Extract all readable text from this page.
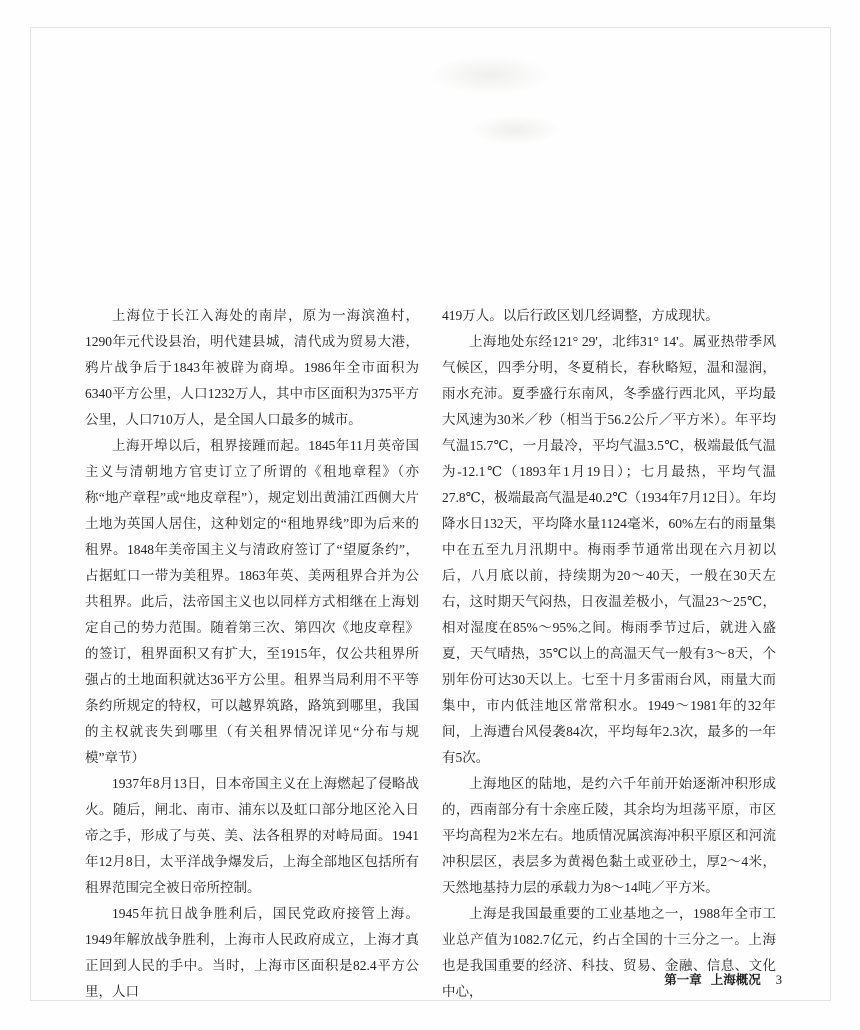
上海位于长江入海处的南岸，原为一海滨渔村，1290年元代设县治，明代建县城，清代成为贸易大港，鸦片战争后于1843年被辟为商埠。1986年全市面积为6340平方公里，人口1232万人，其中市区面积为375平方公里，人口710万人，是全国人口最多的城市。

上海开埠以后，租界接踵而起。1845年11月英帝国主义与清朝地方官吏订立了所谓的《租地章程》（亦称“地产章程”或“地皮章程”），规定划出黄浦江西侧大片土地为英国人居住，这种划定的“租地界线”即为后来的租界。1848年美帝国主义与清政府签订了“望厦条约”，占据虹口一带为美租界。1863年英、美两租界合并为公共租界。此后，法帝国主义也以同样方式相继在上海划定自己的势力范围。随着第三次、第四次《地皮章程》的签订，租界面积又有扩大，至1915年，仅公共租界所强占的土地面积就达36平方公里。租界当局利用不平等条约所规定的特权，可以越界筑路，路筑到哪里，我国的主权就丧失到哪里（有关租界情况详见“分布与规模”章节）

1937年8月13日，日本帝国主义在上海燃起了侵略战火。随后，闸北、南市、浦东以及虹口部分地区沦入日帝之手，形成了与英、美、法各租界的对峙局面。1941年12月8日，太平洋战争爆发后，上海全部地区包括所有租界范围完全被日帝所控制。

1945年抗日战争胜利后，国民党政府接管上海。1949年解放战争胜利，上海市人民政府成立，上海才真正回到人民的手中。当时，上海市区面积是82.4平方公里，人口

419万人。以后行政区划几经调整，方成现状。

上海地处东经121° 29'，北纬31° 14'。属亚热带季风气候区，四季分明，冬夏稍长，春秋略短，温和湿润，雨水充沛。夏季盛行东南风，冬季盛行西北风，平均最大风速为30米／秒（相当于56.2公斤／平方米）。年平均气温15.7℃，一月最冷，平均气温3.5℃，极端最低气温为-12.1℃（1893年1月19日）；七月最热，平均气温27.8℃，极端最高气温是40.2℃（1934年7月12日）。年均降水日132天，平均降水量1124毫米，60%左右的雨量集中在五至九月汛期中。梅雨季节通常出现在六月初以后，八月底以前，持续期为20～40天，一般在30天左右，这时期天气闷热，日夜温差极小，气温23～25℃，相对湿度在85%～95%之间。梅雨季节过后，就进入盛夏，天气晴热，35℃以上的高温天气一般有3～8天，个别年份可达30天以上。七至十月多雷雨台风，雨量大而集中，市内低洼地区常常积水。1949～1981年的32年间，上海遭台风侵袭84次，平均每年2.3次，最多的一年有5次。

上海地区的陆地，是约六千年前开始逐渐冲积形成的，西南部分有十余座丘陵，其余均为坦荡平原，市区平均高程为2米左右。地质情况属滨海冲积平原区和河流冲积层区，表层多为黄褐色黏土或亚砂土，厚2～4米，天然地基持力层的承载力为8～14吨／平方米。

上海是我国最重要的工业基地之一，1988年全市工业总产值为1082.7亿元，约占全国的十三分之一。上海也是我国重要的经济、科技、贸易、金融、信息、文化中心，

第一章 上海概况 3
